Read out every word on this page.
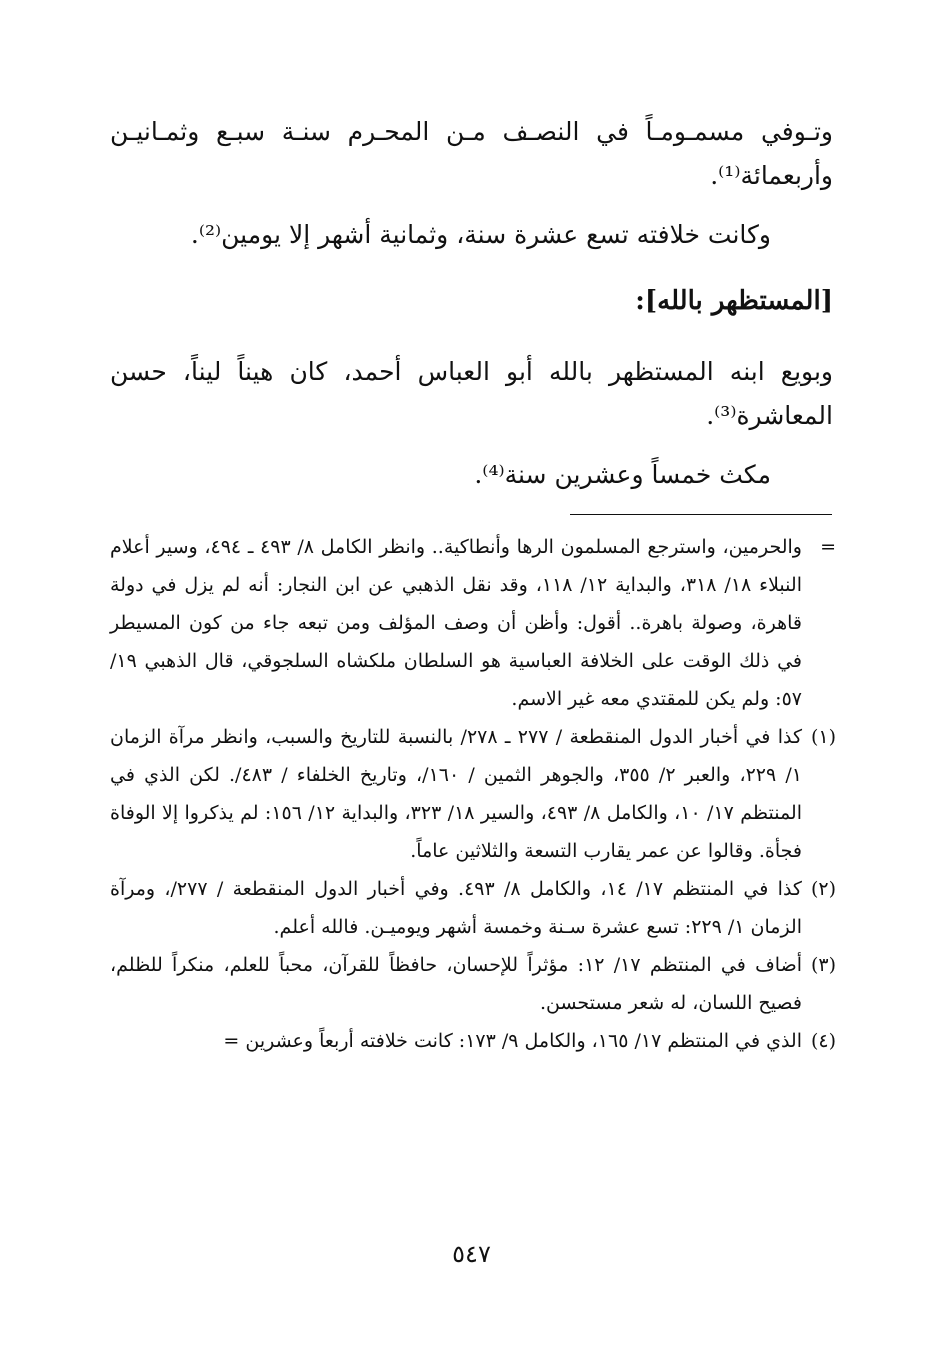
وتـوفي مسمـومـاً في النصـف مـن المحـرم سنـة سبـع وثمـانيـن وأربعمائة⁽¹⁾.

وكانت خلافته تسع عشرة سنة، وثمانية أشهر إلا يومين⁽²⁾.

[المستظهر بالله]:

وبويع ابنه المستظهر بالله أبو العباس أحمد، كان هيناً ليناً، حسن المعاشرة⁽³⁾.

مكث خمساً وعشرين سنة⁽⁴⁾.

=
والحرمين، واسترجع المسلمون الرها وأنطاكية.. وانظر الكامل ٨/ ٤٩٣ ـ ٤٩٤، وسير أعلام النبلاء ١٨/ ٣١٨، والبداية ١٢/ ١١٨، وقد نقل الذهبي عن ابن النجار: أنه لم يزل في دولة قاهرة، وصولة باهرة.. أقول: وأظن أن وصف المؤلف ومن تبعه جاء من كون المسيطر في ذلك الوقت على الخلافة العباسية هو السلطان ملكشاه السلجوقي، قال الذهبي ١٩/ ٥٧: ولم يكن للمقتدي معه غير الاسم.
(١)
كذا في أخبار الدول المنقطعة / ٢٧٧ ـ ٢٧٨/ بالنسبة للتاريخ والسبب، وانظر مرآة الزمان ١/ ٢٢٩، والعبر ٢/ ٣٥٥، والجوهر الثمين / ١٦٠/، وتاريخ الخلفاء / ٤٨٣/. لكن الذي في المنتظم ١٧/ ١٠، والكامل ٨/ ٤٩٣، والسير ١٨/ ٣٢٣، والبداية ١٢/ ١٥٦: لم يذكروا إلا الوفاة فجأة. وقالوا عن عمر يقارب التسعة والثلاثين عاماً.
(٢)
كذا في المنتظم ١٧/ ١٤، والكامل ٨/ ٤٩٣. وفي أخبار الدول المنقطعة / ٢٧٧/، ومرآة الزمان ١/ ٢٢٩: تسع عشرة سـنة وخمسة أشهر ويوميـن. فالله أعلم.
(٣)
أضاف في المنتظم ١٧/ ١٢: مؤثراً للإحسان، حافظاً للقرآن، محباً للعلم، منكراً للظلم، فصيح اللسان، له شعر مستحسن.
(٤)
الذي في المنتظم ١٧/ ١٦٥، والكامل ٩/ ١٧٣: كانت خلافته أربعاً وعشرين =
٥٤٧
